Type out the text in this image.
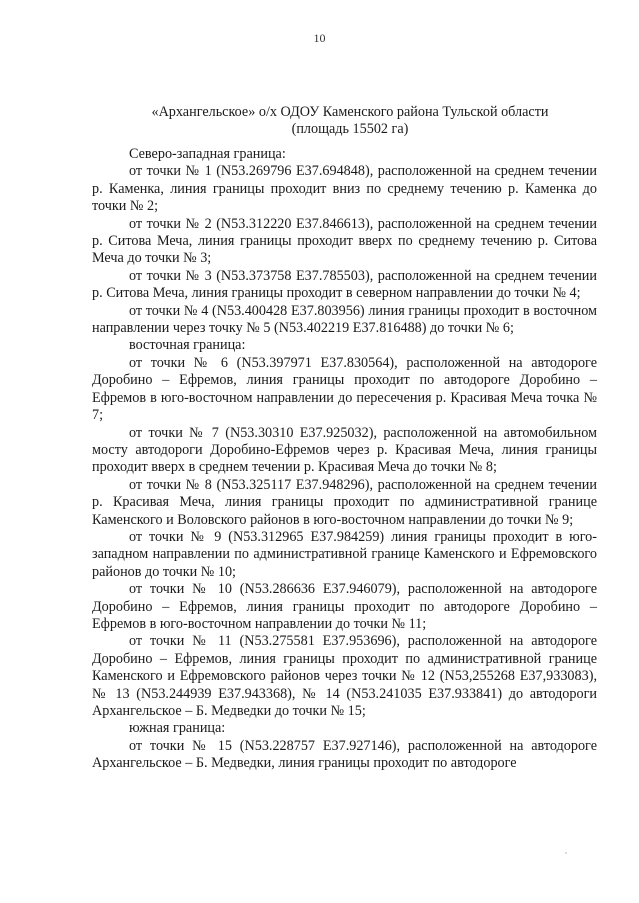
10
«Архангельское» о/х ОДОУ Каменского района Тульской области
(площадь 15502 га)

Северо-западная граница:

от точки № 1 (N53.269796 E37.694848), расположенной на среднем течении р. Каменка, линия границы проходит вниз по среднему течению р. Каменка до точки № 2;

от точки № 2 (N53.312220 E37.846613), расположенной на среднем течении р. Ситова Меча, линия границы проходит вверх по среднему течению р. Ситова Меча до точки № 3;

от точки № 3 (N53.373758 E37.785503), расположенной на среднем течении р. Ситова Меча, линия границы проходит в северном направлении до точки № 4;

от точки № 4 (N53.400428 E37.803956) линия границы проходит в восточном направлении через точку № 5 (N53.402219 E37.816488) до точки № 6;

восточная граница:

от точки № 6 (N53.397971 E37.830564), расположенной на автодороге Доробино – Ефремов, линия границы проходит по автодороге Доробино – Ефремов в юго-восточном направлении до пересечения р. Красивая Меча точка № 7;

от точки № 7 (N53.30310 E37.925032), расположенной на автомобильном мосту автодороги Доробино-Ефремов через р. Красивая Меча, линия границы проходит вверх в среднем течении р. Красивая Меча до точки № 8;

от точки № 8 (N53.325117 E37.948296), расположенной на среднем течении р. Красивая Меча, линия границы проходит по административной границе Каменского и Воловского районов в юго-восточном направлении до точки № 9;

от точки № 9 (N53.312965 E37.984259) линия границы проходит в юго-западном направлении по административной границе Каменского и Ефремовского районов до точки № 10;

от точки № 10 (N53.286636 E37.946079), расположенной на автодороге Доробино – Ефремов, линия границы проходит по автодороге Доробино – Ефремов в юго-восточном направлении до точки № 11;

от точки № 11 (N53.275581 E37.953696), расположенной на автодороге Доробино – Ефремов, линия границы проходит по административной границе Каменского и Ефремовского районов через точки № 12 (N53,255268 E37,933083), № 13 (N53.244939 E37.943368), № 14 (N53.241035 E37.933841) до автодороги Архангельское – Б. Медведки до точки № 15;

южная граница:

от точки № 15 (N53.228757 E37.927146), расположенной на автодороге Архангельское – Б. Медведки, линия границы проходит по автодороге
